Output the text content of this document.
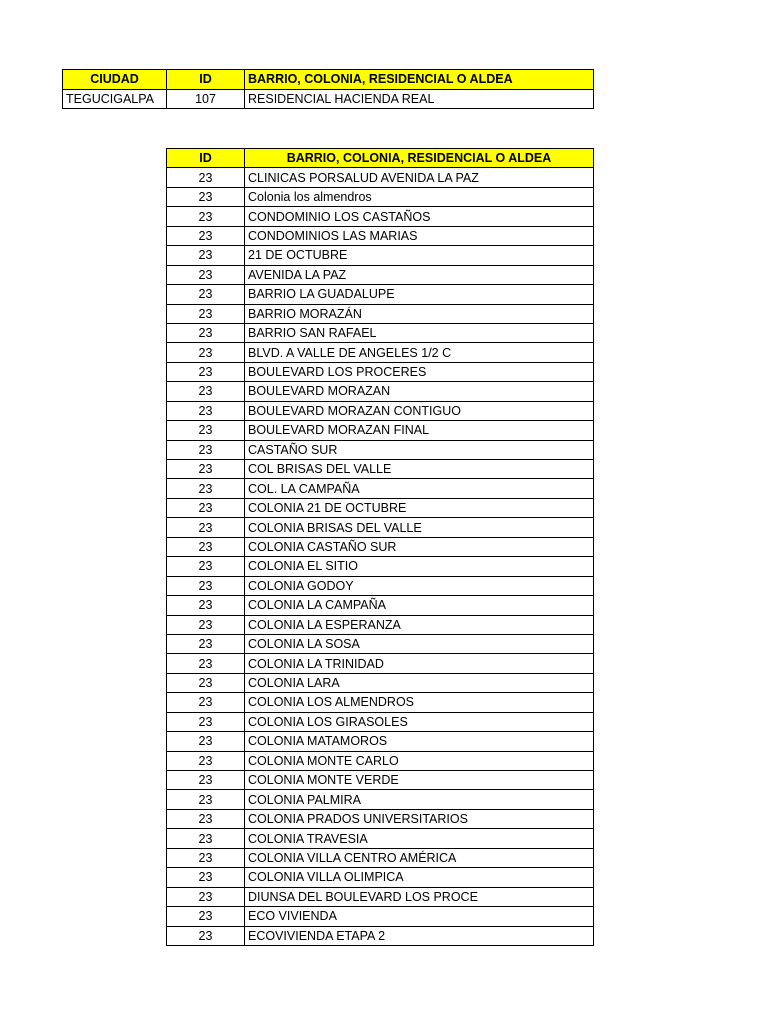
CIUDAD	ID	BARRIO, COLONIA, RESIDENCIAL O ALDEA
TEGUCIGALPA	107	RESIDENCIAL HACIENDA REAL
ID	BARRIO, COLONIA, RESIDENCIAL O ALDEA
23	CLINICAS PORSALUD AVENIDA LA PAZ
23	Colonia los almendros
23	CONDOMINIO LOS CASTAÑOS
23	CONDOMINIOS LAS MARIAS
23	21 DE OCTUBRE
23	AVENIDA LA PAZ
23	BARRIO LA GUADALUPE
23	BARRIO MORAZÁN
23	BARRIO SAN RAFAEL
23	BLVD. A VALLE DE ANGELES 1/2 C
23	BOULEVARD LOS PROCERES
23	BOULEVARD MORAZAN
23	BOULEVARD MORAZAN CONTIGUO
23	BOULEVARD MORAZAN FINAL
23	CASTAÑO SUR
23	COL BRISAS DEL VALLE
23	COL. LA CAMPAÑA
23	COLONIA 21 DE OCTUBRE
23	COLONIA BRISAS DEL VALLE
23	COLONIA CASTAÑO SUR
23	COLONIA EL SITIO
23	COLONIA GODOY
23	COLONIA LA CAMPAÑA
23	COLONIA LA ESPERANZA
23	COLONIA LA SOSA
23	COLONIA LA TRINIDAD
23	COLONIA LARA
23	COLONIA LOS ALMENDROS
23	COLONIA LOS GIRASOLES
23	COLONIA MATAMOROS
23	COLONIA MONTE CARLO
23	COLONIA MONTE VERDE
23	COLONIA PALMIRA
23	COLONIA PRADOS UNIVERSITARIOS
23	COLONIA TRAVESIA
23	COLONIA VILLA CENTRO AMÉRICA
23	COLONIA VILLA OLIMPICA
23	DIUNSA DEL BOULEVARD LOS PROCE
23	ECO VIVIENDA
23	ECOVIVIENDA ETAPA 2
